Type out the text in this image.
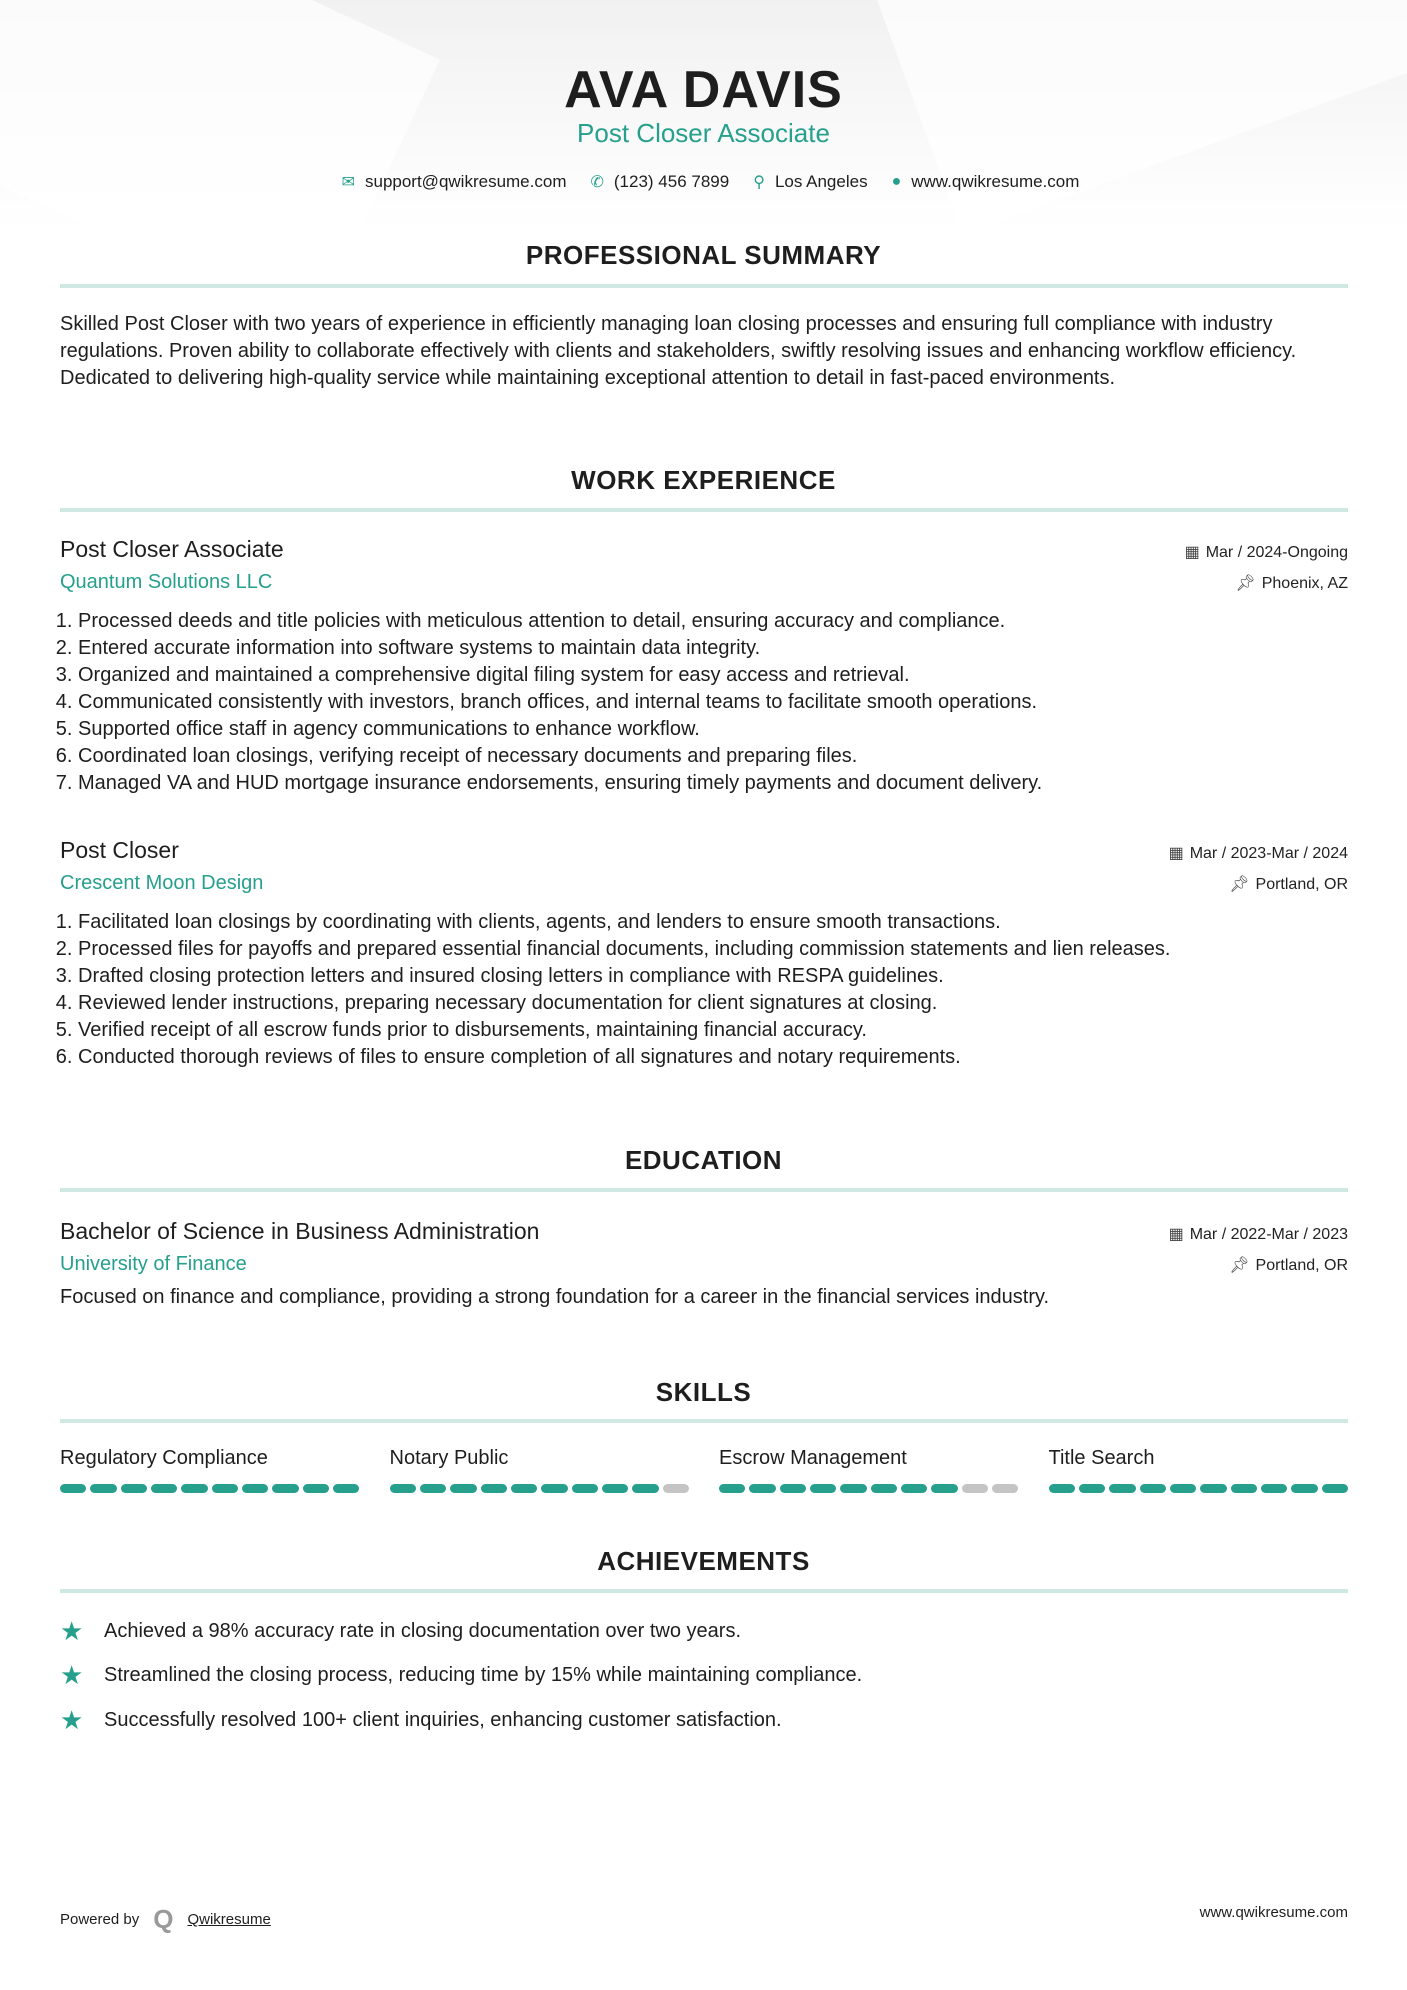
AVA DAVIS
Post Closer Associate
✉ support@qwikresume.com ✆ (123) 456 7899 ⚲ Los Angeles ● www.qwikresume.com
PROFESSIONAL SUMMARY
Skilled Post Closer with two years of experience in efficiently managing loan closing processes and ensuring full compliance with industry regulations. Proven ability to collaborate effectively with clients and stakeholders, swiftly resolving issues and enhancing workflow efficiency. Dedicated to delivering high-quality service while maintaining exceptional attention to detail in fast-paced environments.
WORK EXPERIENCE
Post Closer Associate	▦ Mar / 2024-Ongoing
Quantum Solutions LLC	📌︎ Phoenix, AZ
1. Processed deeds and title policies with meticulous attention to detail, ensuring accuracy and compliance.
2. Entered accurate information into software systems to maintain data integrity.
3. Organized and maintained a comprehensive digital filing system for easy access and retrieval.
4. Communicated consistently with investors, branch offices, and internal teams to facilitate smooth operations.
5. Supported office staff in agency communications to enhance workflow.
6. Coordinated loan closings, verifying receipt of necessary documents and preparing files.
7. Managed VA and HUD mortgage insurance endorsements, ensuring timely payments and document delivery.
Post Closer	▦ Mar / 2023-Mar / 2024
Crescent Moon Design	📌︎ Portland, OR
1. Facilitated loan closings by coordinating with clients, agents, and lenders to ensure smooth transactions.
2. Processed files for payoffs and prepared essential financial documents, including commission statements and lien releases.
3. Drafted closing protection letters and insured closing letters in compliance with RESPA guidelines.
4. Reviewed lender instructions, preparing necessary documentation for client signatures at closing.
5. Verified receipt of all escrow funds prior to disbursements, maintaining financial accuracy.
6. Conducted thorough reviews of files to ensure completion of all signatures and notary requirements.
EDUCATION
Bachelor of Science in Business Administration	▦ Mar / 2022-Mar / 2023
University of Finance	📌︎ Portland, OR
Focused on finance and compliance, providing a strong foundation for a career in the financial services industry.
SKILLS
Regulatory Compliance	Notary Public	Escrow Management	Title Search
ACHIEVEMENTS
★	Achieved a 98% accuracy rate in closing documentation over two years.
★	Streamlined the closing process, reducing time by 15% while maintaining compliance.
★	Successfully resolved 100+ client inquiries, enhancing customer satisfaction.
Powered by Q Qwikresume	www.qwikresume.com
